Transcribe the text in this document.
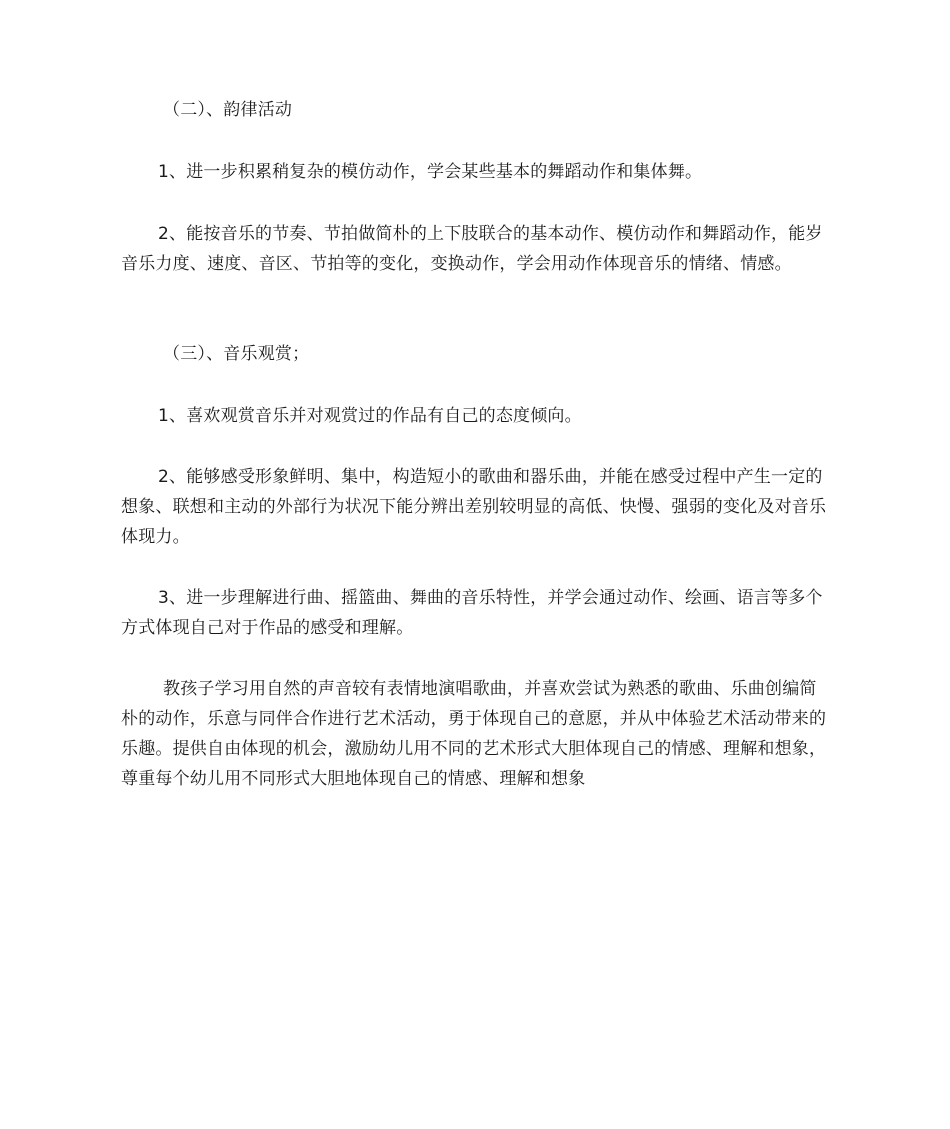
（二）、韵律活动

1、进一步积累稍复杂的模仿动作，学会某些基本的舞蹈动作和集体舞。

2、能按音乐的节奏、节拍做简朴的上下肢联合的基本动作、模仿动作和舞蹈动作，能岁音乐力度、速度、音区、节拍等的变化，变换动作，学会用动作体现音乐的情绪、情感。

（三）、音乐观赏；

1、喜欢观赏音乐并对观赏过的作品有自己的态度倾向。

2、能够感受形象鲜明、集中，构造短小的歌曲和器乐曲，并能在感受过程中产生一定的想象、联想和主动的外部行为状况下能分辨出差别较明显的高低、快慢、强弱的变化及对音乐体现力。

3、进一步理解进行曲、摇篮曲、舞曲的音乐特性，并学会通过动作、绘画、语言等多个方式体现自己对于作品的感受和理解。

教孩子学习用自然的声音较有表情地演唱歌曲，并喜欢尝试为熟悉的歌曲、乐曲创编简朴的动作，乐意与同伴合作进行艺术活动，勇于体现自己的意愿，并从中体验艺术活动带来的乐趣。提供自由体现的机会，激励幼儿用不同的艺术形式大胆体现自己的情感、理解和想象，尊重每个幼儿用不同形式大胆地体现自己的情感、理解和想象
